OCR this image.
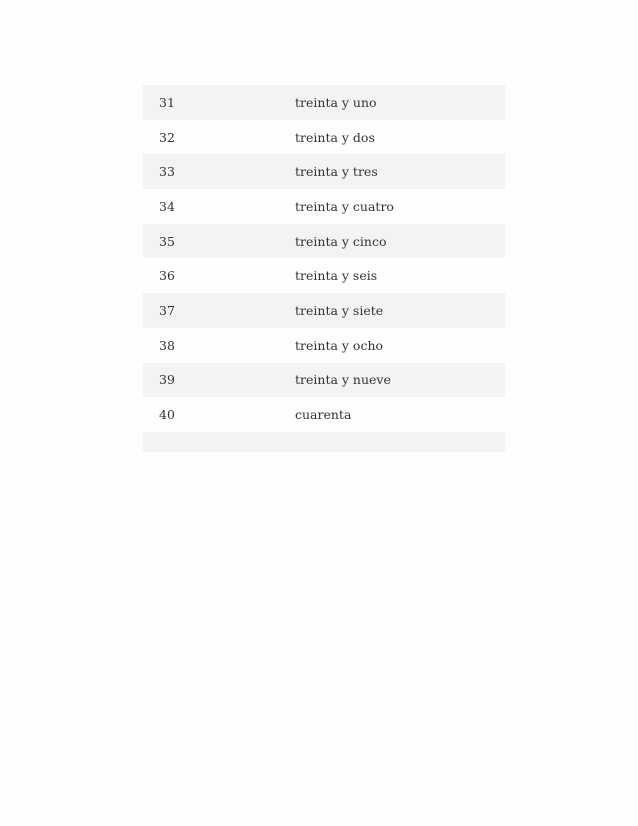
31	treinta y uno
32	treinta y dos
33	treinta y tres
34	treinta y cuatro
35	treinta y cinco
36	treinta y seis
37	treinta y siete
38	treinta y ocho
39	treinta y nueve
40	cuarenta
